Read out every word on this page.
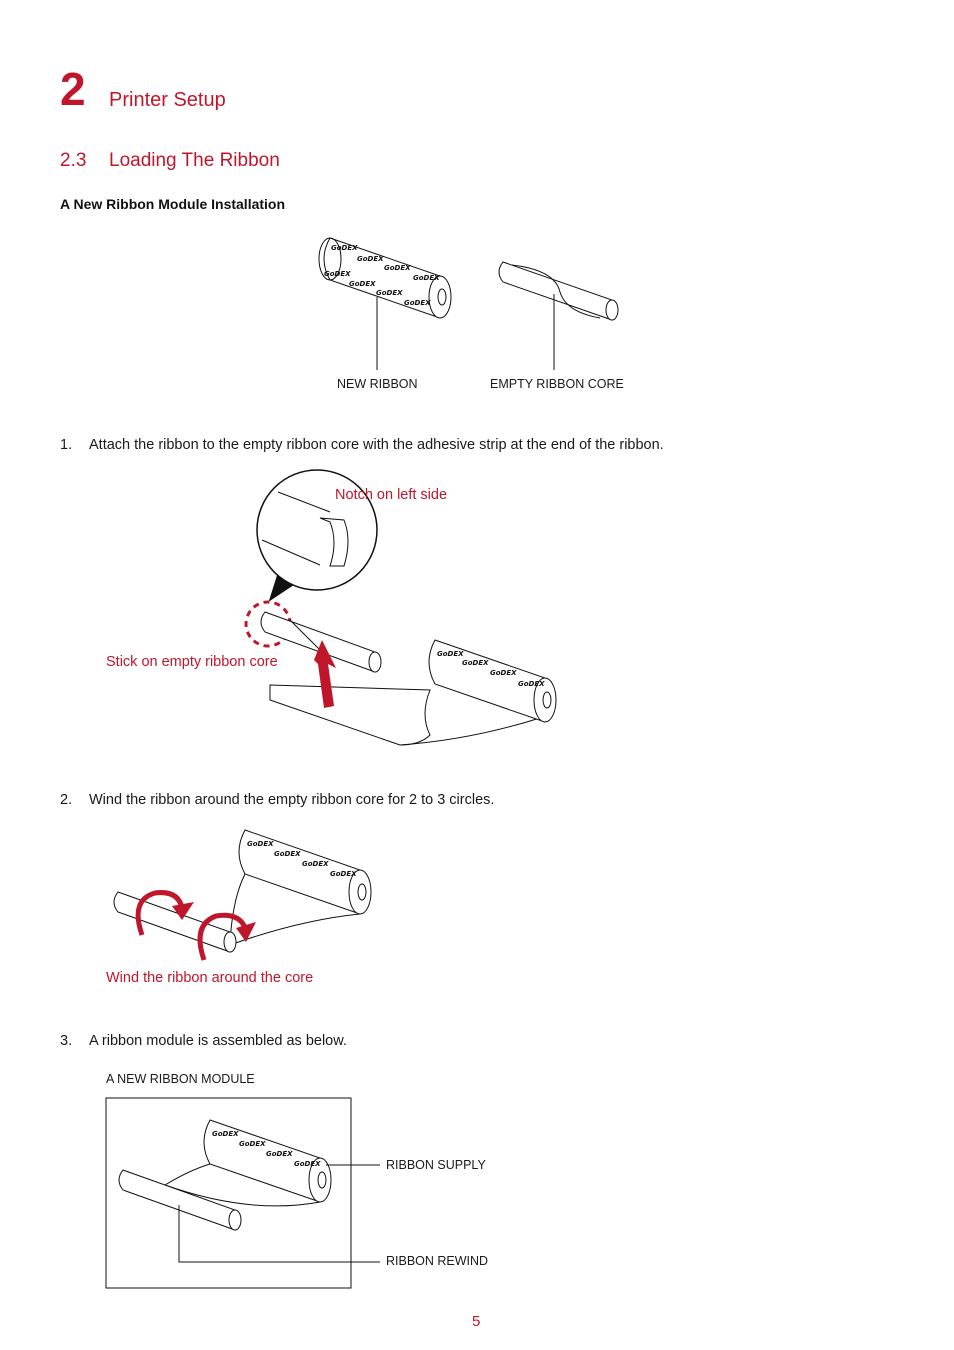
2 Printer Setup
2.3 Loading The Ribbon
A New Ribbon Module Installation
GoDEX
GoDEX
GoDEX
GoDEX
GoDEX
GoDEX
GoDEX
GoDEX
NEW RIBBON	EMPTY RIBBON CORE
1. Attach the ribbon to the empty ribbon core with the adhesive strip at the end of the ribbon.
GoDEX
GoDEX
GoDEX
GoDEX
Notch on left side
Stick on empty ribbon core
2. Wind the ribbon around the empty ribbon core for 2 to 3 circles.
GoDEX
GoDEX
GoDEX
GoDEX
Wind the ribbon around the core
3. A ribbon module is assembled as below.
A NEW RIBBON MODULE
GoDEX
GoDEX
GoDEX
GoDEX	RIBBON SUPPLY
RIBBON REWIND
5
